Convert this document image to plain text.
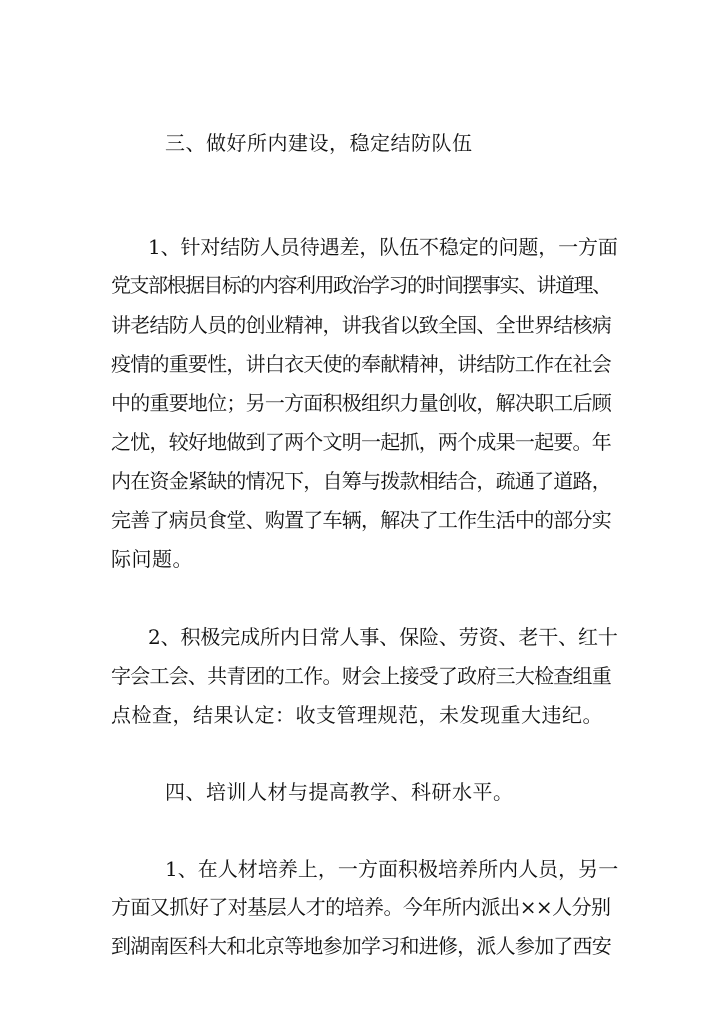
三、做好所内建设，稳定结防队伍
1、针对结防人员待遇差，队伍不稳定的问题，一方面
党支部根据目标的内容利用政治学习的时间摆事实、讲道理、
讲老结防人员的创业精神，讲我省以致全国、全世界结核病
疫情的重要性，讲白衣天使的奉献精神，讲结防工作在社会
中的重要地位；另一方面积极组织力量创收，解决职工后顾
之忧，较好地做到了两个文明一起抓，两个成果一起要。年
内在资金紧缺的情况下，自筹与拨款相结合，疏通了道路，
完善了病员食堂、购置了车辆，解决了工作生活中的部分实
际问题。
2、积极完成所内日常人事、保险、劳资、老干、红十
字会工会、共青团的工作。财会上接受了政府三大检查组重
点检查，结果认定：收支管理规范，未发现重大违纪。
四、培训人材与提高教学、科研水平。
1、在人材培养上，一方面积极培养所内人员，另一
方面又抓好了对基层人才的培养。今年所内派出××人分别
到湖南医科大和北京等地参加学习和进修，派人参加了西安
